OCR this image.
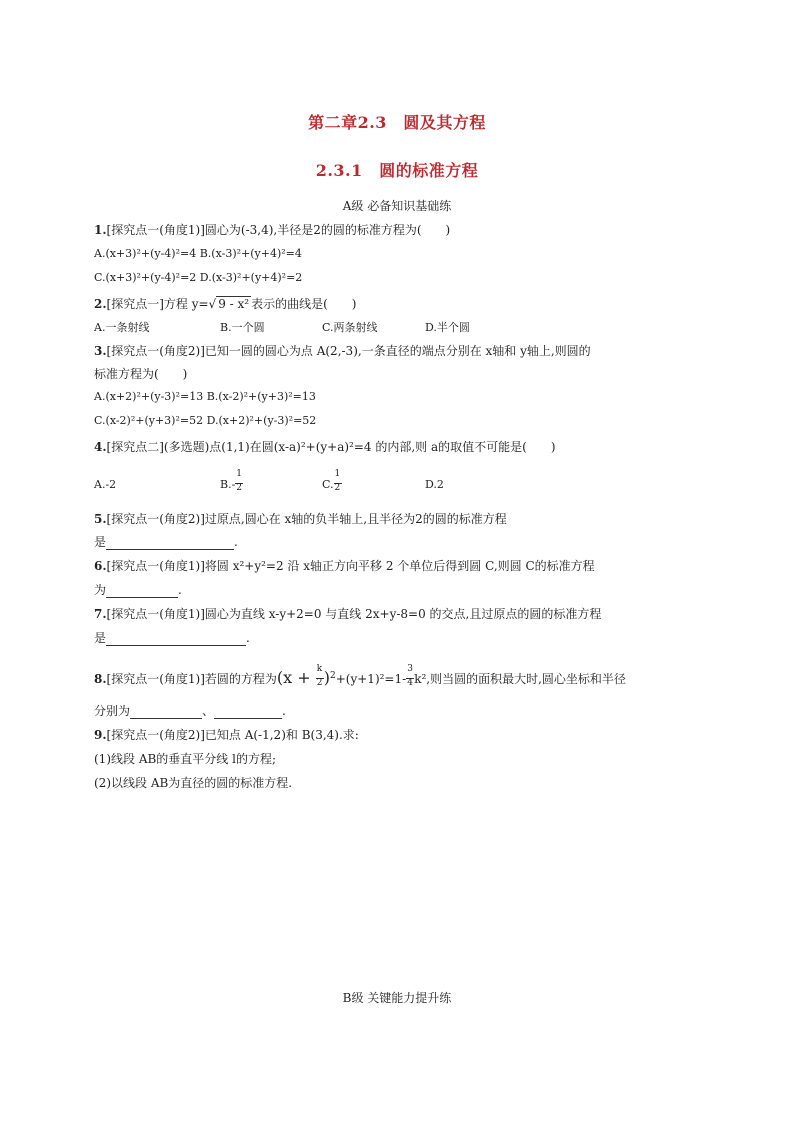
第二章2.3　圆及其方程
2.3.1　圆的标准方程
A级 必备知识基础练
1.[探究点一(角度1)]圆心为(-3,4),半径是2的圆的标准方程为(　　)
A.(x+3)²+(y-4)²=4 B.(x-3)²+(y+4)²=4
C.(x+3)²+(y-4)²=2 D.(x-3)²+(y+4)²=2
2.[探究点一]方程 y=√ 9 - x² 表示的曲线是(　　)
A.一条射线	B.一个圆	C.两条射线	D.半个圆
3.[探究点一(角度2)]已知一圆的圆心为点 A(2,-3),一条直径的端点分别在 x轴和 y轴上,则圆的
标准方程为(　　)
A.(x+2)²+(y-3)²=13 B.(x-2)²+(y+3)²=13
C.(x-2)²+(y+3)²=52 D.(x+2)²+(y-3)²=52
4.[探究点二](多选题)点(1,1)在圆(x-a)²+(y+a)²=4 的内部,则 a的取值不可能是(　　)
A.-2	$B.- \frac{1}{2}$	C. $\frac{1}{2}$	D.2
5.[探究点一(角度2)]过原点,圆心在 x轴的负半轴上,且半径为2的圆的标准方程
是	.
6.[探究点一(角度1)]将圆 x²+y²=2 沿 x轴正方向平移 2 个单位后得到圆 C,则圆 C的标准方程
为	.
7.[探究点一(角度1)]圆心为直线 x-y+2=0 与直线 2x+y-8=0 的交点,且过原点的圆的标准方程
是	.
8.[探究点一(角度1)]若圆的方程为$(x + \frac{k}{2} )^2+(y+1)^2=1- \frac{3}{4} k^2$,则当圆的面积最大时,圆心坐标和半径
分别为	、	.
9.[探究点一(角度2)]已知点 A(-1,2)和 B(3,4).求:
(1)线段 AB的垂直平分线 l的方程;
(2)以线段 AB为直径的圆的标准方程.
B级 关键能力提升练
